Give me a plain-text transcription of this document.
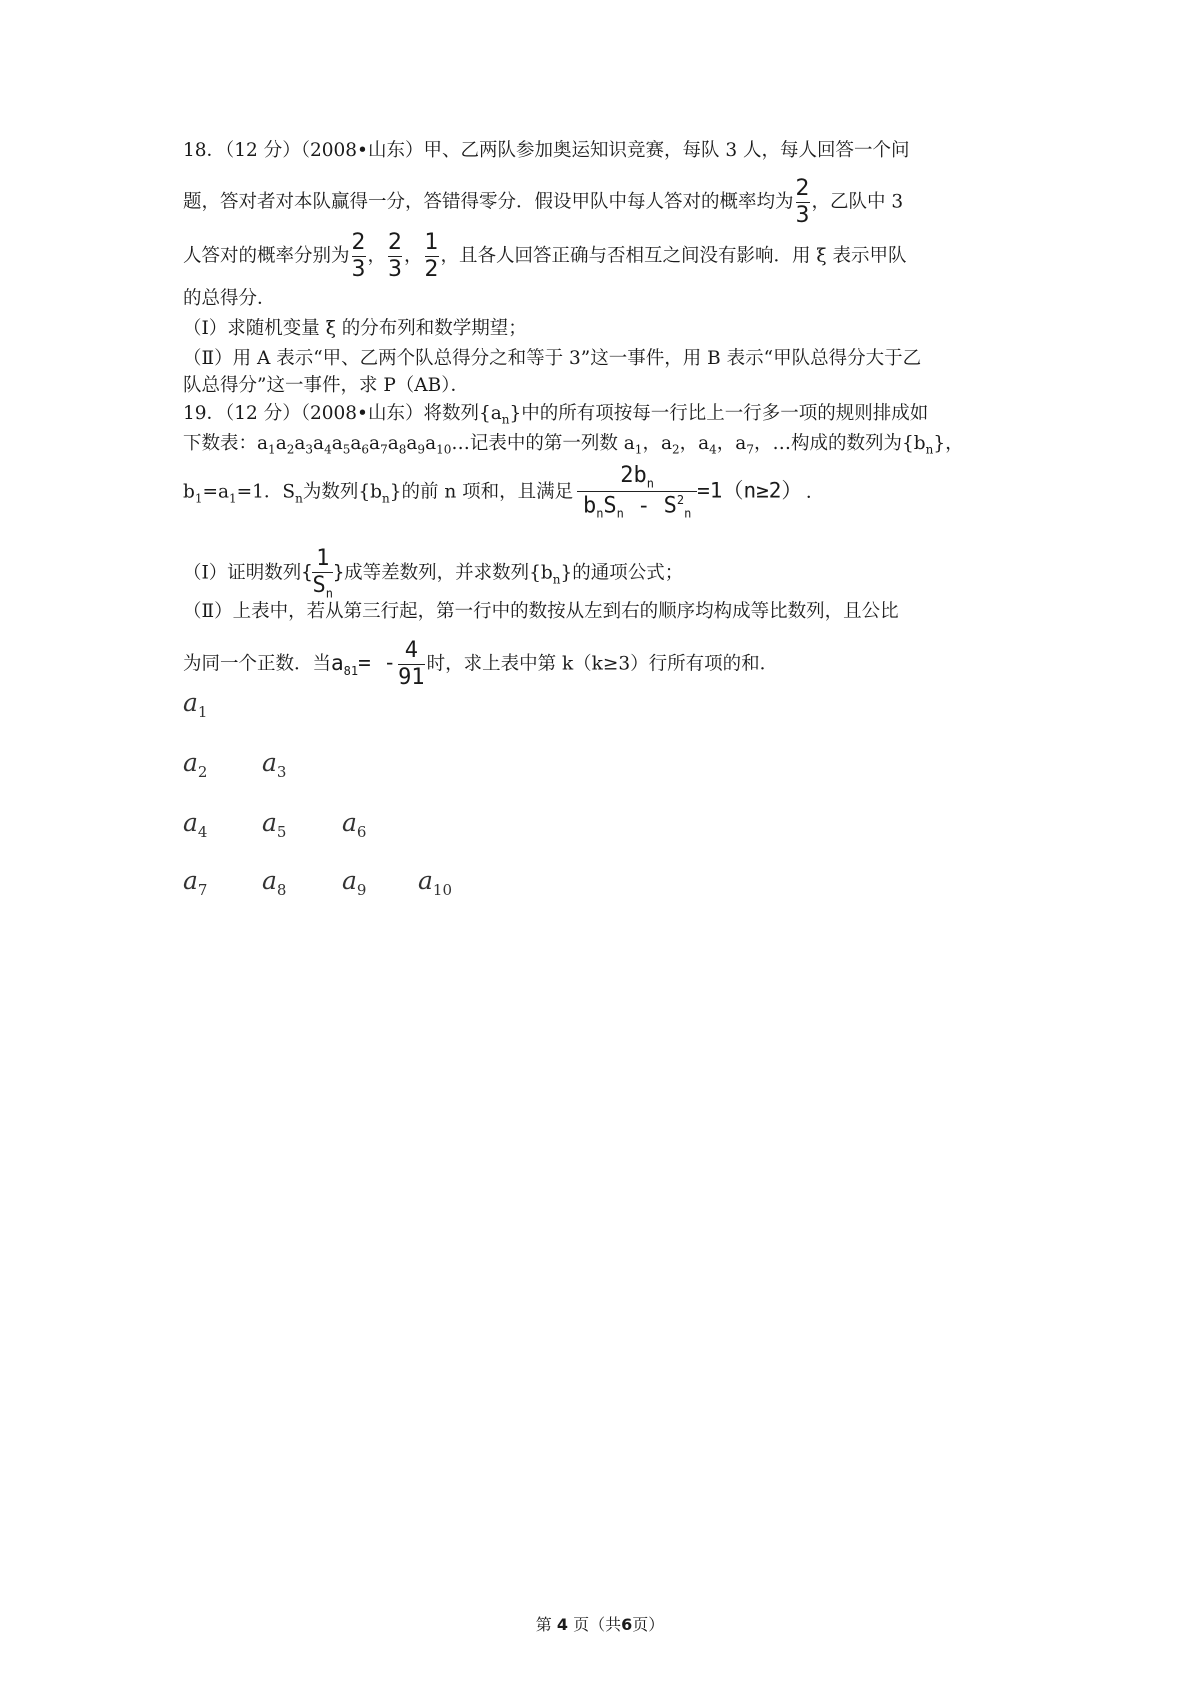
18．（12 分）（2008•山东）甲、乙两队参加奥运知识竞赛，每队 3 人，每人回答一个问
题，答对者对本队赢得一分，答错得零分．假设甲队中每人答对的概率均为 $\frac{2}{3}$ ，乙队中 3
人答对的概率分别为 $\frac{2}{3}$ ， $\frac{2}{3}$ ， $\frac{1}{2}$ ，且各人回答正确与否相互之间没有影响．用 ξ 表示甲队
的总得分．
（Ⅰ）求随机变量 ξ 的分布列和数学期望；
（Ⅱ）用 A 表示“甲、乙两个队总得分之和等于 3”这一事件，用 B 表示“甲队总得分大于乙
队总得分”这一事件，求 P（AB）．
19．（12 分）（2008•山东）将数列$\{a_n\}$中的所有项按每一行比上一行多一项的规则排成如
下数表：$a_1a_2a_3a_4a_5a_6a_7a_8a_9a_{10}\dots$记表中的第一列数 $a_1$，$a_2$，$a_4$，$a_7$，…构成的数列为$\{b_n\}$，
$b_1=a_1=1$．$S_n$为数列$\{b_n\}$的前 n 项和，且满足
$2b_n$
$b_nS_n - S^2_n$
=1（n≥2） ．
（Ⅰ）证明数列{ $\frac{1}{S_n}$ }成等差数列，并求数列$\{b_n\}$的通项公式；
（Ⅱ）上表中，若从第三行起，第一行中的数按从左到右的顺序均构成等比数列，且公比
为同一个正数．当$a_{81}= - \frac{4}{91}$ 时，求上表中第 k（k≥3）行所有项的和．
$a_1$
$a_2$ $a_3$
$a_4$ $a_5$ $a_6$
$a_7$ $a_8$ $a_9$ $a_{10}$
第 4 页（共6页）
